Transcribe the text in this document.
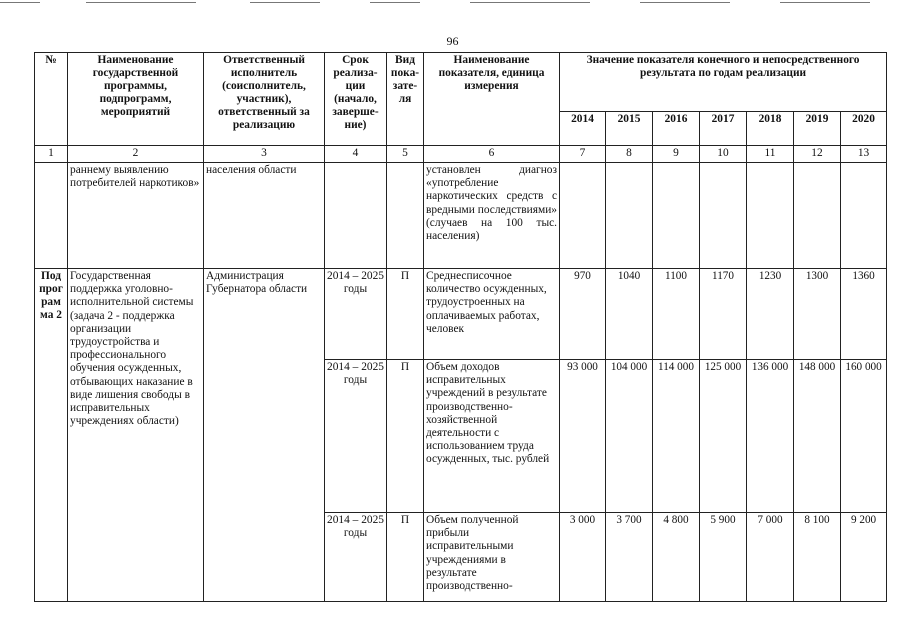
96
№	Наименование государственной программы, подпрограмм, мероприятий	Ответственный исполнитель (соисполнитель, участник), ответственный за реализацию	Срок реализа-ции (начало, заверше-ние)	Вид пока-зате-ля	Наименование показателя, единица измерения	Значение показателя конечного и непосредственного результата по годам реализации						
						2014	2015	2016	2017	2018	2019	2020
1	2	3	4	5	6	7	8	9	10	11	12	13
	раннему выявлению потребителей наркотиков»	населения области			установлен диагноз «употребление наркотических средств с вредными последствиями» (случаев на 100 тыс. населения)							
Под прог рам ма 2	Государственная поддержка уголовно-исполнительной системы (задача 2 - поддержка организации трудоустройства и профессионального обучения осужденных, отбывающих наказание в виде лишения свободы в исправительных учреждениях области)	Администрация Губернатора области	2014 – 2025 годы	П	Среднесписочное количество осужденных, трудоустроенных на оплачиваемых работах, человек	970	1040	1100	1170	1230	1300	1360
			2014 – 2025 годы	П	Объем доходов исправительных учреждений в результате производственно-хозяйственной деятельности с использованием труда осужденных, тыс. рублей	93 000	104 000	114 000	125 000	136 000	148 000	160 000
			2014 – 2025 годы	П	Объем полученной прибыли исправительными учреждениями в результате производственно-	3 000	3 700	4 800	5 900	7 000	8 100	9 200
